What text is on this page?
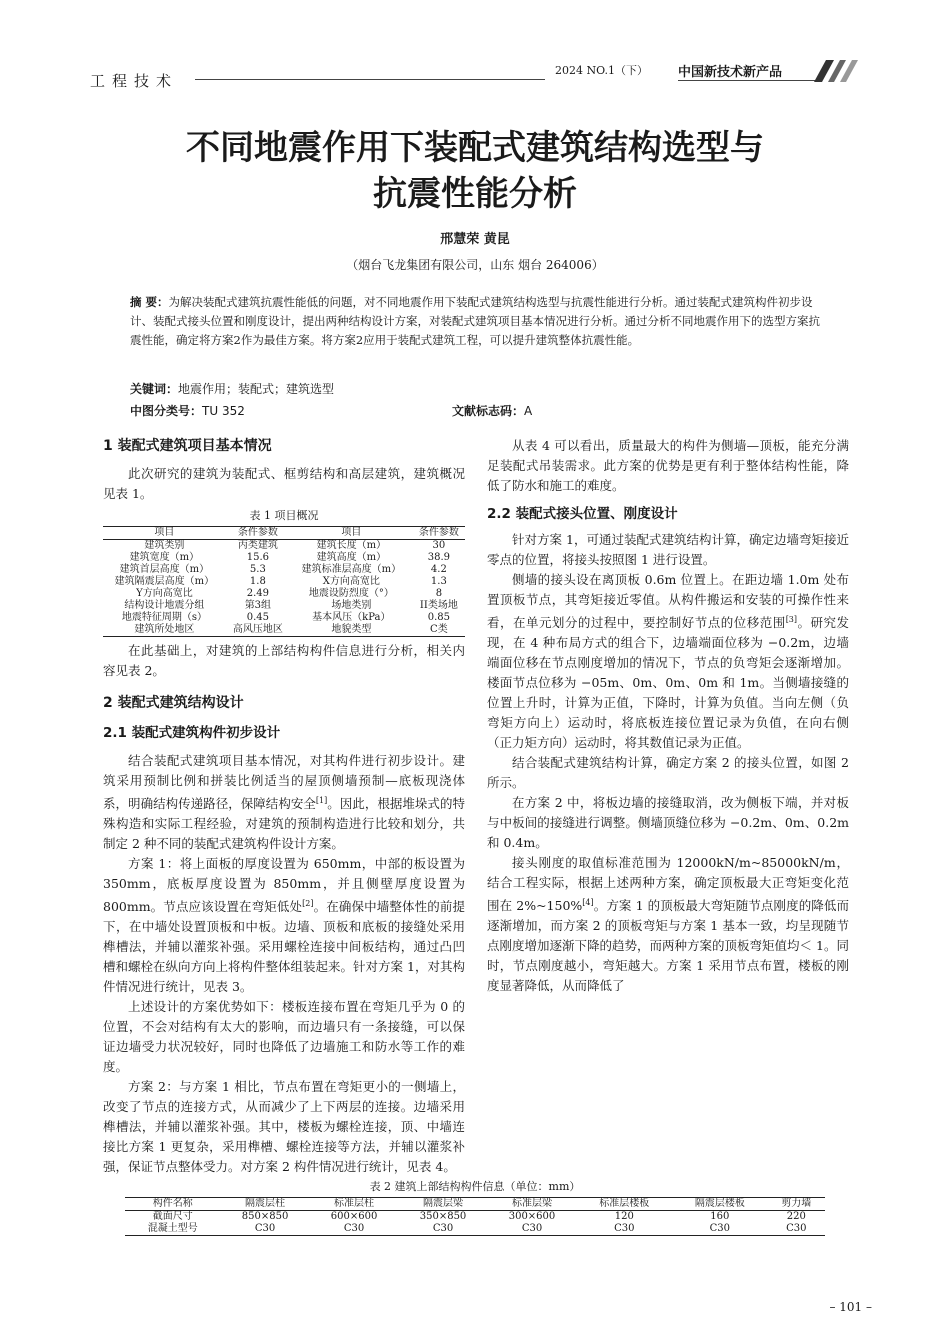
工程技术
2024 NO.1（下） 中国新技术新产品
不同地震作用下装配式建筑结构选型与
抗震性能分析
邢慧荣 黄昆
（烟台飞龙集团有限公司，山东 烟台 264006）
摘 要：为解决装配式建筑抗震性能低的问题，对不同地震作用下装配式建筑结构选型与抗震性能进行分析。通过装配式建筑构件初步设计、装配式接头位置和刚度设计，提出两种结构设计方案，对装配式建筑项目基本情况进行分析。通过分析不同地震作用下的选型方案抗震性能，确定将方案2作为最佳方案。将方案2应用于装配式建筑工程，可以提升建筑整体抗震性能。
关键词：地震作用；装配式；建筑选型
中图分类号：TU 352	文献标志码：A
1 装配式建筑项目基本情况

此次研究的建筑为装配式、框剪结构和高层建筑，建筑概况见表 1。

表 1 项目概况
项目	条件参数	项目	条件参数
建筑类别	丙类建筑	建筑长度（m）	30
建筑宽度（m）	15.6	建筑高度（m）	38.9
建筑首层高度（m）	5.3	建筑标准层高度（m）	4.2
建筑隔震层高度（m）	1.8	X方向高宽比	1.3
Y方向高宽比	2.49	地震设防烈度（°）	8
结构设计地震分组	第3组	场地类别	II类场地
地震特征周期（s）	0.45	基本风压（kPa）	0.85
建筑所处地区	高风压地区	地貌类型	C类

在此基础上，对建筑的上部结构构件信息进行分析，相关内容见表 2。

2 装配式建筑结构设计
2.1 装配式建筑构件初步设计

结合装配式建筑项目基本情况，对其构件进行初步设计。建筑采用预制比例和拼装比例适当的屋顶侧墙预制—底板现浇体系，明确结构传递路径，保障结构安全[1]。因此，根据堆垛式的特殊构造和实际工程经验，对建筑的预制构造进行比较和划分，共制定 2 种不同的装配式建筑构件设计方案。

方案 1：将上面板的厚度设置为 650mm，中部的板设置为 350mm，底板厚度设置为 850mm，并且侧壁厚度设置为 800mm。节点应该设置在弯矩低处[2]。在确保中墙整体性的前提下，在中墙处设置顶板和中板。边墙、顶板和底板的接缝处采用榫槽法，并辅以灌浆补强。采用螺栓连接中间板结构，通过凸凹槽和螺栓在纵向方向上将构件整体组装起来。针对方案 1，对其构件情况进行统计，见表 3。

上述设计的方案优势如下：楼板连接布置在弯矩几乎为 0 的位置，不会对结构有太大的影响，而边墙只有一条接缝，可以保证边墙受力状况较好，同时也降低了边墙施工和防水等工作的难度。

方案 2：与方案 1 相比，节点布置在弯矩更小的一侧墙上，改变了节点的连接方式，从而减少了上下两层的连接。边墙采用榫槽法，并辅以灌浆补强。其中，楼板为螺栓连接，顶、中墙连接比方案 1 更复杂，采用榫槽、螺栓连接等方法，并辅以灌浆补强，保证节点整体受力。对方案 2 构件情况进行统计，见表 4。

从表 4 可以看出，质量最大的构件为侧墙—顶板，能充分满足装配式吊装需求。此方案的优势是更有利于整体结构性能，降低了防水和施工的难度。

2.2 装配式接头位置、刚度设计

针对方案 1，可通过装配式建筑结构计算，确定边墙弯矩接近零点的位置，将接头按照图 1 进行设置。

侧墙的接头设在离顶板 0.6m 位置上。在距边墙 1.0m 处布置顶板节点，其弯矩接近零值。从构件搬运和安装的可操作性来看，在单元划分的过程中，要控制好节点的位移范围[3]。研究发现，在 4 种布局方式的组合下，边墙端面位移为 −0.2m，边墙端面位移在节点刚度增加的情况下，节点的负弯矩会逐渐增加。楼面节点位移为 −05m、0m、0m、0m 和 1m。当侧墙接缝的位置上升时，计算为正值，下降时，计算为负值。当向左侧（负弯矩方向上）运动时，将底板连接位置记录为负值，在向右侧（正力矩方向）运动时，将其数值记录为正值。

结合装配式建筑结构计算，确定方案 2 的接头位置，如图 2 所示。

在方案 2 中，将板边墙的接缝取消，改为侧板下端，并对板与中板间的接缝进行调整。侧墙顶缝位移为 −0.2m、0m、0.2m 和 0.4m。

接头刚度的取值标准范围为 12000kN/m~85000kN/m，结合工程实际，根据上述两种方案，确定顶板最大正弯矩变化范围在 2%~150%[4]。方案 1 的顶板最大弯矩随节点刚度的降低而逐渐增加，而方案 2 的顶板弯矩与方案 1 基本一致，均呈现随节点刚度增加逐渐下降的趋势，而两种方案的顶板弯矩值均＜ 1。同时，节点刚度越小，弯矩越大。方案 1 采用节点布置，楼板的刚度显著降低，从而降低了

表 2 建筑上部结构构件信息（单位：mm）
构件名称	隔震层柱	标准层柱	隔震层梁	标准层梁	标准层楼板	隔震层楼板	剪力墙
截面尺寸	850×850	600×600	350×850	300×600	120	160	220
混凝土型号	C30	C30	C30	C30	C30	C30	C30
– 101 –
